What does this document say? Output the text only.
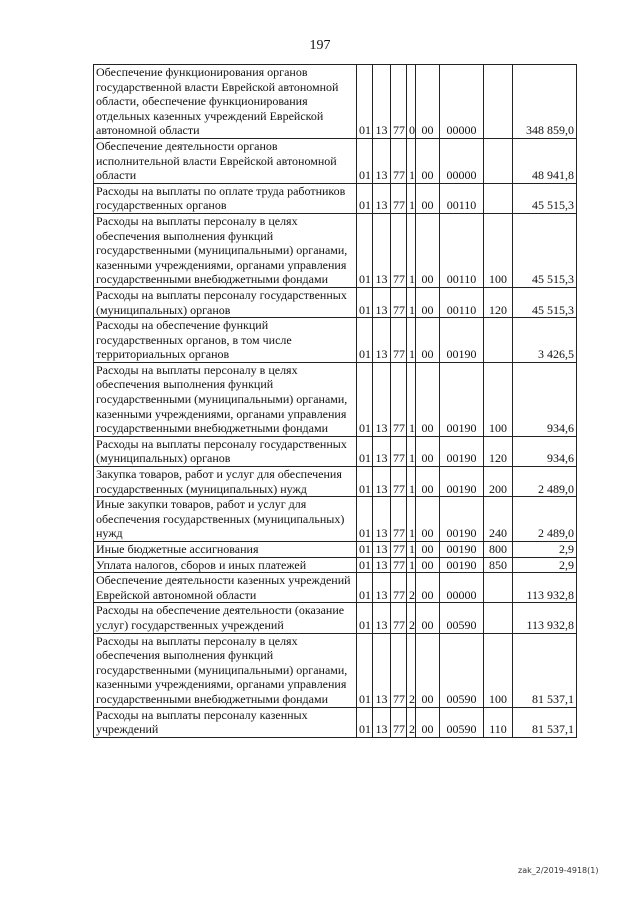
197
Обеспечение функционирования органов государственной власти Еврейской автономной области, обеспечение функционирования отдельных казенных учреждений Еврейской автономной области	01	13	77	0	00	00000		348 859,0
Обеспечение деятельности органов исполнительной власти Еврейской автономной области	01	13	77	1	00	00000		48 941,8
Расходы на выплаты по оплате труда работников государственных органов	01	13	77	1	00	00110		45 515,3
Расходы на выплаты персоналу в целях обеспечения выполнения функций государственными (муниципальными) органами, казенными учреждениями, органами управления государственными внебюджетными фондами	01	13	77	1	00	00110	100	45 515,3
Расходы на выплаты персоналу государственных (муниципальных) органов	01	13	77	1	00	00110	120	45 515,3
Расходы на обеспечение функций государственных органов, в том числе территориальных органов	01	13	77	1	00	00190		3 426,5
Расходы на выплаты персоналу в целях обеспечения выполнения функций государственными (муниципальными) органами, казенными учреждениями, органами управления государственными внебюджетными фондами	01	13	77	1	00	00190	100	934,6
Расходы на выплаты персоналу государственных (муниципальных) органов	01	13	77	1	00	00190	120	934,6
Закупка товаров, работ и услуг для обеспечения государственных (муниципальных) нужд	01	13	77	1	00	00190	200	2 489,0
Иные закупки товаров, работ и услуг для обеспечения государственных (муниципальных) нужд	01	13	77	1	00	00190	240	2 489,0
Иные бюджетные ассигнования	01	13	77	1	00	00190	800	2,9
Уплата налогов, сборов и иных платежей	01	13	77	1	00	00190	850	2,9
Обеспечение деятельности казенных учреждений Еврейской автономной области	01	13	77	2	00	00000		113 932,8
Расходы на обеспечение деятельности (оказание услуг) государственных учреждений	01	13	77	2	00	00590		113 932,8
Расходы на выплаты персоналу в целях обеспечения выполнения функций государственными (муниципальными) органами, казенными учреждениями, органами управления государственными внебюджетными фондами	01	13	77	2	00	00590	100	81 537,1
Расходы на выплаты персоналу казенных учреждений	01	13	77	2	00	00590	110	81 537,1
zak_2/2019-4918(1)
